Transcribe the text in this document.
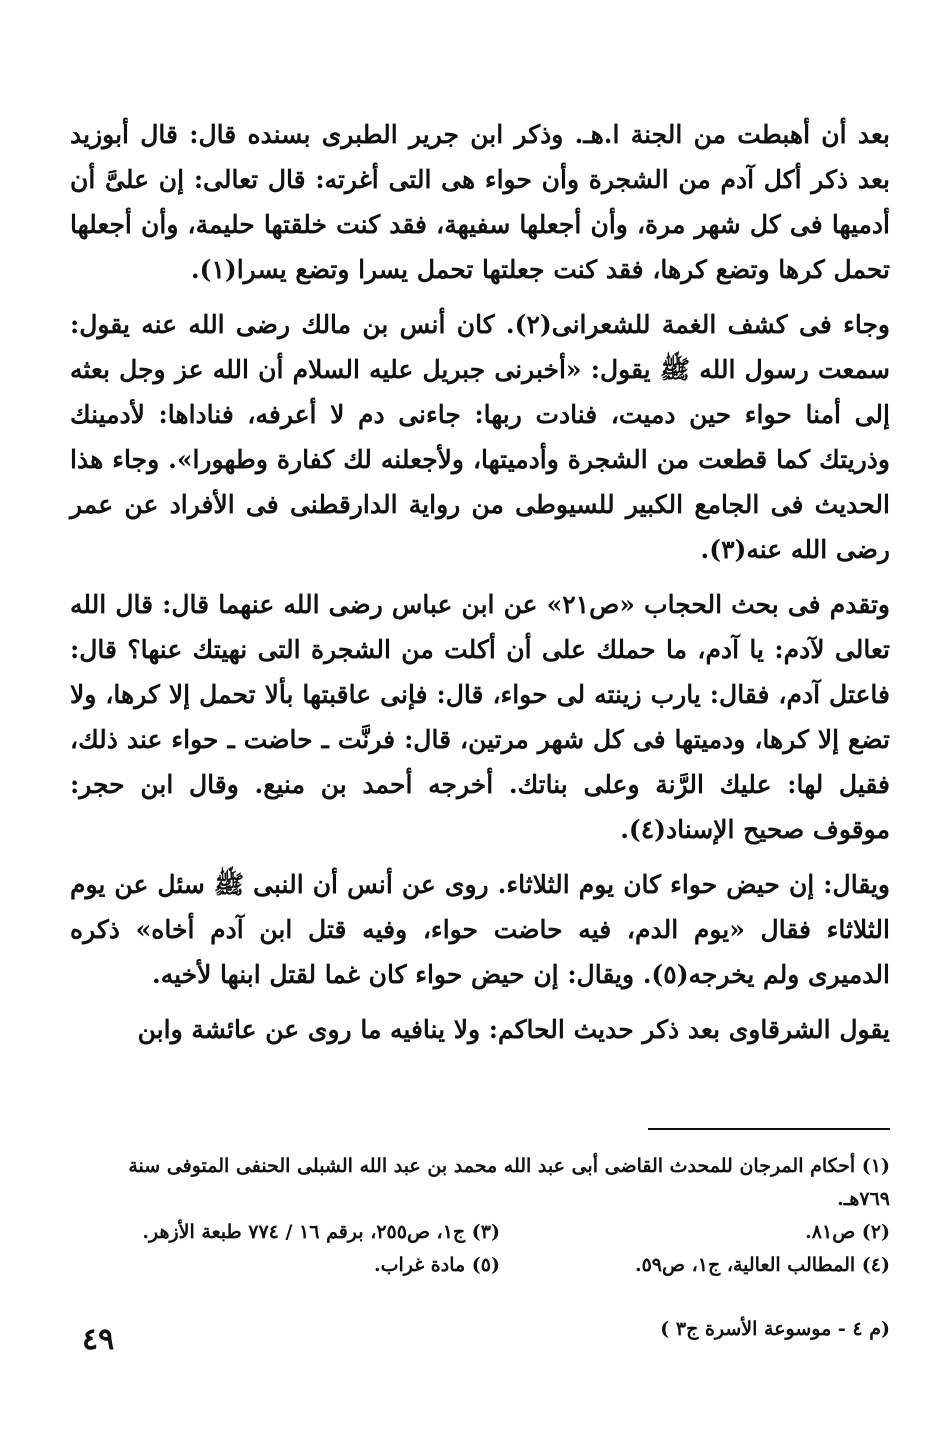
بعد أن أهبطت من الجنة ا.هـ. وذكر ابن جرير الطبرى بسنده قال: قال أبوزيد بعد ذكر أكل آدم من الشجرة وأن حواء هى التى أغرته: قال تعالى: إن علىَّ أن أدميها فى كل شهر مرة، وأن أجعلها سفيهة، فقد كنت خلقتها حليمة، وأن أجعلها تحمل كرها وتضع كرها، فقد كنت جعلتها تحمل يسرا وتضع يسرا(١).

وجاء فى كشف الغمة للشعرانى(٢). كان أنس بن مالك رضى الله عنه يقول: سمعت رسول الله ﷺ يقول: «أخبرنى جبريل عليه السلام أن الله عز وجل بعثه إلى أمنا حواء حين دميت، فنادت ربها: جاءنى دم لا أعرفه، فناداها: لأدمينك وذريتك كما قطعت من الشجرة وأدميتها، ولأجعلنه لك كفارة وطهورا». وجاء هذا الحديث فى الجامع الكبير للسيوطى من رواية الدارقطنى فى الأفراد عن عمر رضى الله عنه(٣).

وتقدم فى بحث الحجاب «ص٢١» عن ابن عباس رضى الله عنهما قال: قال الله تعالى لآدم: يا آدم، ما حملك على أن أكلت من الشجرة التى نهيتك عنها؟ قال: فاعتل آدم، فقال: يارب زينته لى حواء، قال: فإنى عاقبتها بألا تحمل إلا كرها، ولا تضع إلا كرها، ودميتها فى كل شهر مرتين، قال: فرنَّت ـ حاضت ـ حواء عند ذلك، فقيل لها: عليك الرَّنة وعلى بناتك. أخرجه أحمد بن منيع. وقال ابن حجر: موقوف صحيح الإسناد(٤).

ويقال: إن حيض حواء كان يوم الثلاثاء. روى عن أنس أن النبى ﷺ سئل عن يوم الثلاثاء فقال «يوم الدم، فيه حاضت حواء، وفيه قتل ابن آدم أخاه» ذكره الدميرى ولم يخرجه(٥). ويقال: إن حيض حواء كان غما لقتل ابنها لأخيه.

يقول الشرقاوى بعد ذكر حديث الحاكم: ولا ينافيه ما روى عن عائشة وابن

(١) أحكام المرجان للمحدث القاضى أبى عبد الله محمد بن عبد الله الشبلى الحنفى المتوفى سنة ٧٦٩هـ.
(٢) ص٨١.
(٣) ج١، ص٢٥٥، برقم ١٦ / ٧٧٤ طبعة الأزهر.
(٤) المطالب العالية، ج١، ص٥٩.
(٥) مادة غراب.
(م ٤ - موسوعة الأسرة ج٣ )
٤٩
